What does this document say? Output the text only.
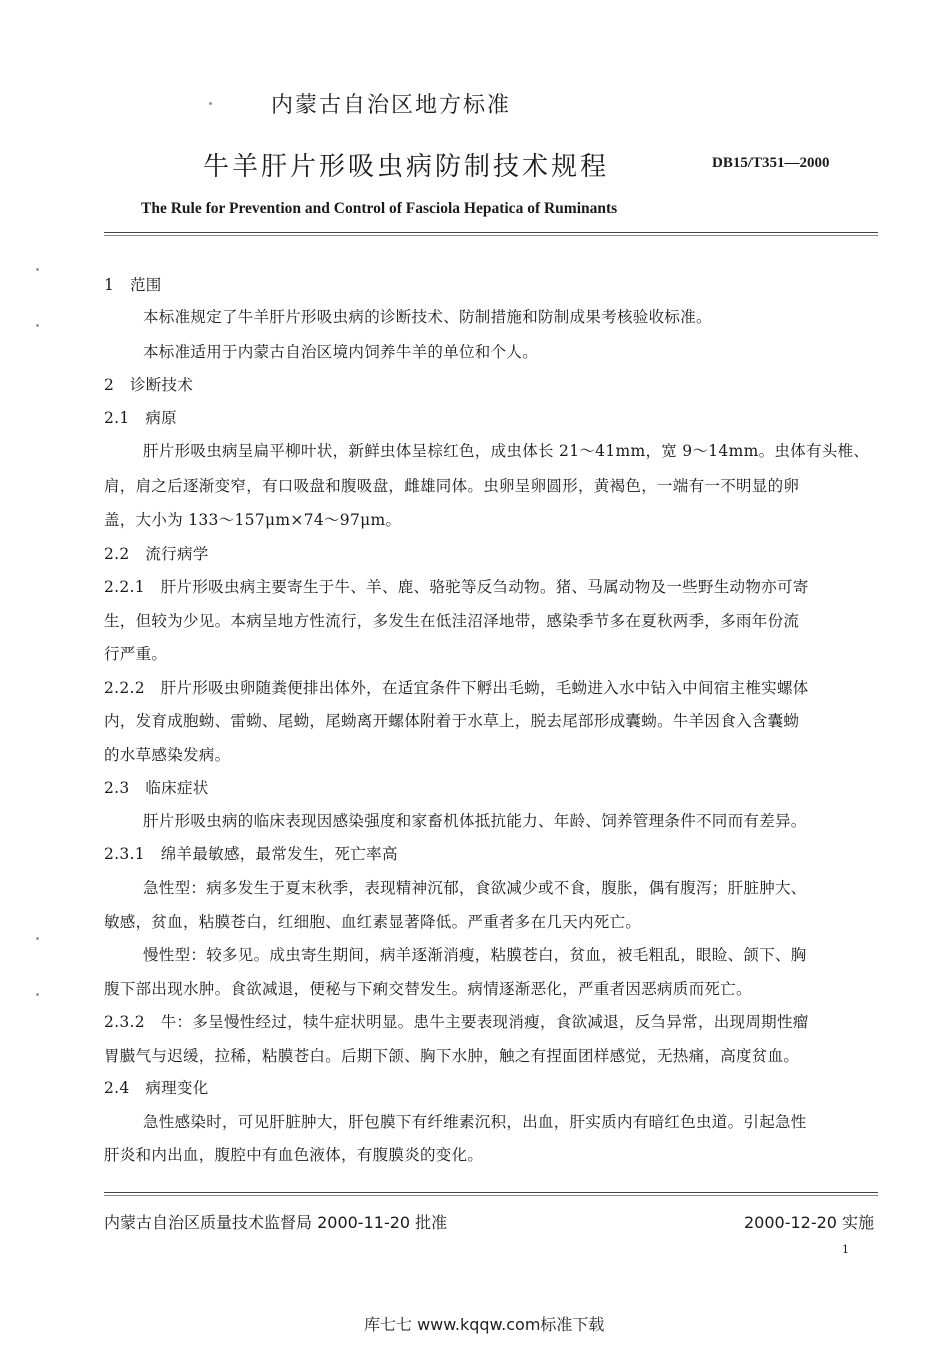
内蒙古自治区地方标准
牛羊肝片形吸虫病防制技术规程	DB15/T351—2000
The Rule for Prevention and Control of Fasciola Hepatica of Ruminants
1　范围
本标准规定了牛羊肝片形吸虫病的诊断技术、防制措施和防制成果考核验收标准。
本标准适用于内蒙古自治区境内饲养牛羊的单位和个人。
2　诊断技术
2.1　病原
肝片形吸虫病呈扁平柳叶状，新鲜虫体呈棕红色，成虫体长 21～41mm，宽 9～14mm。虫体有头椎、
肩，肩之后逐渐变窄，有口吸盘和腹吸盘，雌雄同体。虫卵呈卵圆形，黄褐色，一端有一不明显的卵
盖，大小为 133～157μm×74～97μm。
2.2　流行病学
2.2.1　肝片形吸虫病主要寄生于牛、羊、鹿、骆驼等反刍动物。猪、马属动物及一些野生动物亦可寄
生，但较为少见。本病呈地方性流行，多发生在低洼沼泽地带，感染季节多在夏秋两季，多雨年份流
行严重。
2.2.2　肝片形吸虫卵随粪便排出体外，在适宜条件下孵出毛蚴，毛蚴进入水中钻入中间宿主椎实螺体
内，发育成胞蚴、雷蚴、尾蚴，尾蚴离开螺体附着于水草上，脱去尾部形成囊蚴。牛羊因食入含囊蚴
的水草感染发病。
2.3　临床症状
肝片形吸虫病的临床表现因感染强度和家畜机体抵抗能力、年龄、饲养管理条件不同而有差异。
2.3.1　绵羊最敏感，最常发生，死亡率高
急性型：病多发生于夏末秋季，表现精神沉郁，食欲减少或不食，腹胀，偶有腹泻；肝脏肿大、
敏感，贫血，粘膜苍白，红细胞、血红素显著降低。严重者多在几天内死亡。
慢性型：较多见。成虫寄生期间，病羊逐渐消瘦，粘膜苍白，贫血，被毛粗乱，眼睑、颌下、胸
腹下部出现水肿。食欲减退，便秘与下痢交替发生。病情逐渐恶化，严重者因恶病质而死亡。
2.3.2　牛：多呈慢性经过，犊牛症状明显。患牛主要表现消瘦，食欲减退，反刍异常，出现周期性瘤
胃臌气与迟缓，拉稀，粘膜苍白。后期下颌、胸下水肿，触之有捏面团样感觉，无热痛，高度贫血。
2.4　病理变化
急性感染时，可见肝脏肿大，肝包膜下有纤维素沉积，出血，肝实质内有暗红色虫道。引起急性
肝炎和内出血，腹腔中有血色液体，有腹膜炎的变化。
内蒙古自治区质量技术监督局 2000-11-20 批准	2000-12-20 实施
1
库七七 www.kqqw.com标准下载
